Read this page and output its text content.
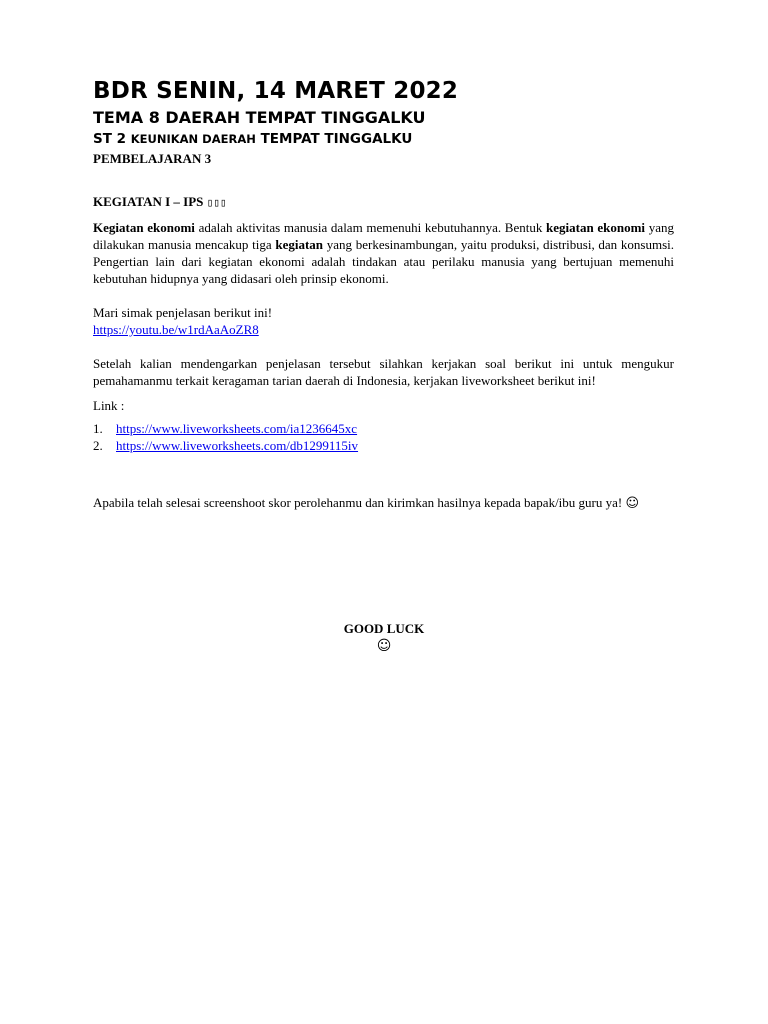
BDR SENIN, 14 MARET 2022
TEMA 8 DAERAH TEMPAT TINGGALKU
ST 2 KEUNIKAN DAERAH TEMPAT TINGGALKU
PEMBELAJARAN 3
KEGIATAN I – IPS ▯▯▯

Kegiatan ekonomi adalah aktivitas manusia dalam memenuhi kebutuhannya. Bentuk kegiatan ekonomi yang dilakukan manusia mencakup tiga kegiatan yang berkesinambungan, yaitu produksi, distribusi, dan konsumsi. Pengertian lain dari kegiatan ekonomi adalah tindakan atau perilaku manusia yang bertujuan memenuhi kebutuhan hidupnya yang didasari oleh prinsip ekonomi.

Mari simak penjelasan berikut ini!

https://youtu.be/w1rdAaAoZR8

Setelah kalian mendengarkan penjelasan tersebut silahkan kerjakan soal berikut ini untuk mengukur pemahamanmu terkait keragaman tarian daerah di Indonesia, kerjakan liveworksheet berikut ini!

Link :

1.	https://www.liveworksheets.com/ia1236645xc
2.	https://www.liveworksheets.com/db1299115iv

Apabila telah selesai screenshoot skor perolehanmu dan kirimkan hasilnya kepada bapak/ibu guru ya! ☺

GOOD LUCK
☺
